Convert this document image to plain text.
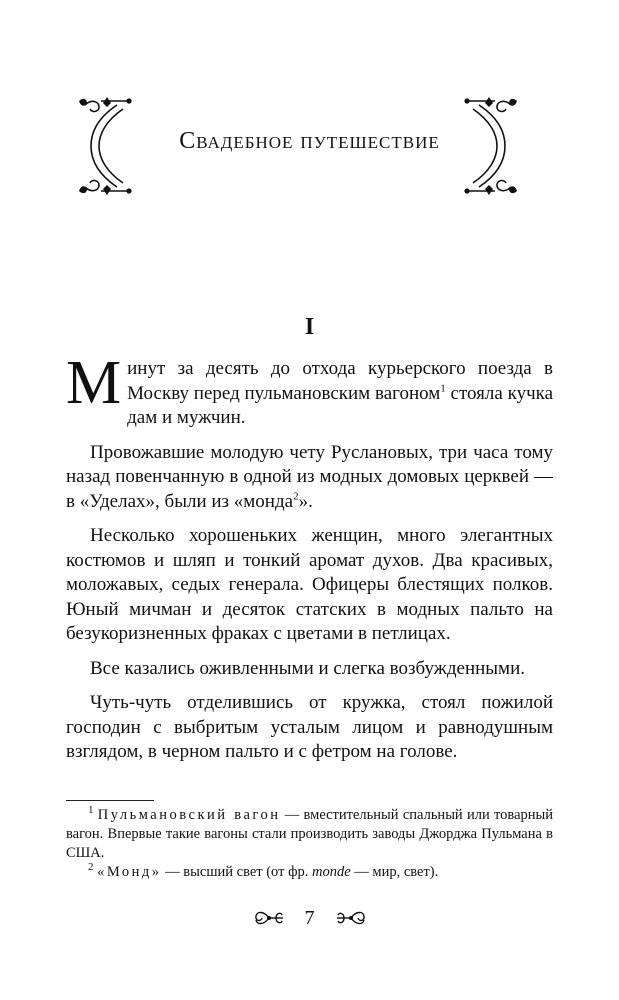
Свадебное путешествие
I

Минут за десять до отхода курьерского поезда в Москву перед пульмановским вагоном$^1$ стояла кучка дам и мужчин.

Провожавшие молодую чету Руслановых, три часа тому назад повенчанную в одной из модных домовых церквей — в «Уделах», были из «монда$^2$».

Несколько хорошеньких женщин, много элегантных костюмов и шляп и тонкий аромат духов. Два красивых, моложавых, седых генерала. Офицеры блестящих полков. Юный мичман и десяток статских в модных пальто на безукоризненных фраках с цветами в петлицах.

Все казались оживленными и слегка возбужденными.

Чуть-чуть отделившись от кружка, стоял пожилой господин с выбритым усталым лицом и равнодушным взглядом, в черном пальто и с фетром на голове.

$^1$ Пульмановский вагон — вместительный спальный или товарный вагон. Впервые такие вагоны стали производить заводы Джорджа Пульмана в США.

$^2$ «Монд» — высший свет (от фр. monde — мир, свет).

7
